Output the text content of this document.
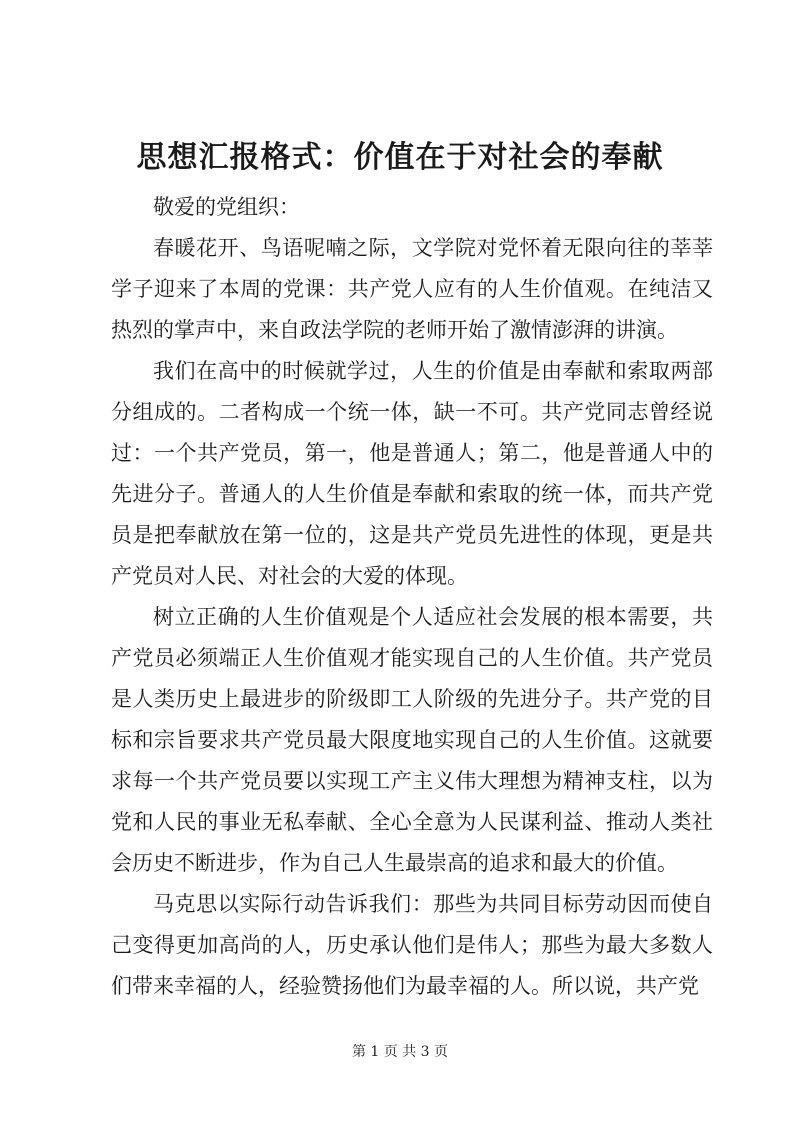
思想汇报格式：价值在于对社会的奉献

敬爱的党组织：

春暖花开、鸟语呢喃之际，文学院对党怀着无限向往的莘莘学子迎来了本周的党课：共产党人应有的人生价值观。在纯洁又热烈的掌声中，来自政法学院的老师开始了激情澎湃的讲演。

我们在高中的时候就学过，人生的价值是由奉献和索取两部分组成的。二者构成一个统一体，缺一不可。共产党同志曾经说过：一个共产党员，第一，他是普通人；第二，他是普通人中的先进分子。普通人的人生价值是奉献和索取的统一体，而共产党员是把奉献放在第一位的，这是共产党员先进性的体现，更是共产党员对人民、对社会的大爱的体现。

树立正确的人生价值观是个人适应社会发展的根本需要，共产党员必须端正人生价值观才能实现自己的人生价值。共产党员是人类历史上最进步的阶级即工人阶级的先进分子。共产党的目标和宗旨要求共产党员最大限度地实现自己的人生价值。这就要求每一个共产党员要以实现工产主义伟大理想为精神支柱，以为党和人民的事业无私奉献、全心全意为人民谋利益、推动人类社会历史不断进步，作为自己人生最崇高的追求和最大的价值。

马克思以实际行动告诉我们：那些为共同目标劳动因而使自己变得更加高尚的人，历史承认他们是伟人；那些为最大多数人们带来幸福的人，经验赞扬他们为最幸福的人。所以说，共产党

第 1 页 共 3 页
